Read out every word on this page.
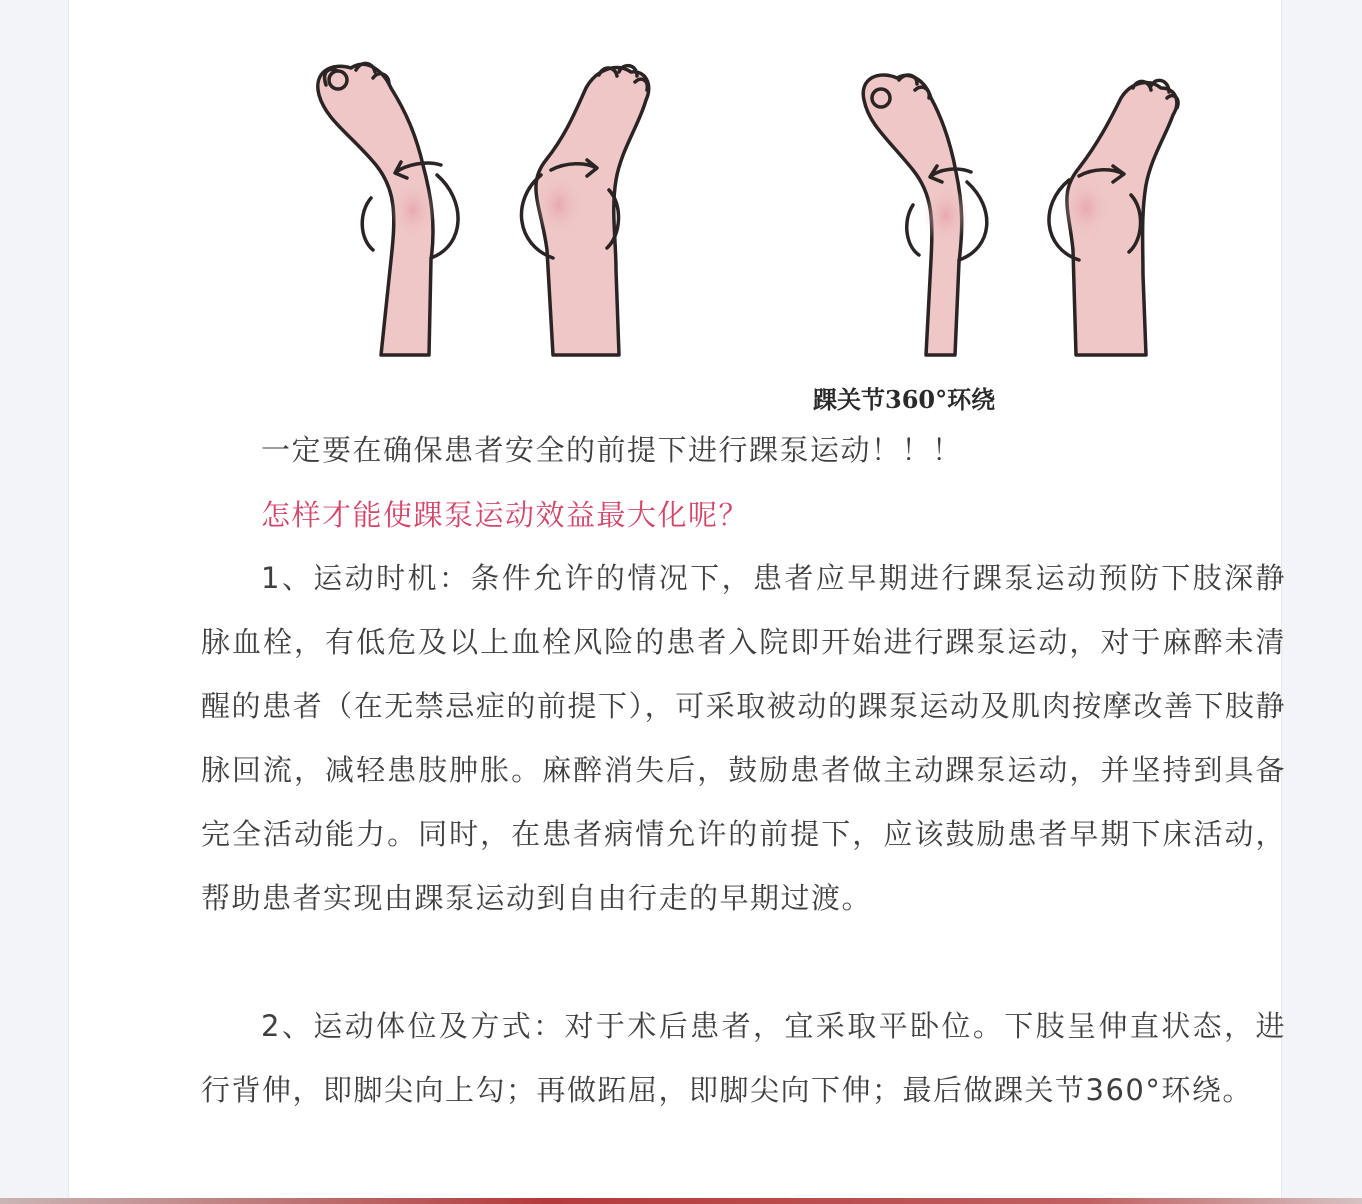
踝关节360°环绕
一定要在确保患者安全的前提下进行踝泵运动！！！
怎样才能使踝泵运动效益最大化呢？
1、运动时机：条件允许的情况下，患者应早期进行踝泵运动预防下肢深静脉血栓，有低危及以上血栓风险的患者入院即开始进行踝泵运动，对于麻醉未清醒的患者（在无禁忌症的前提下），可采取被动的踝泵运动及肌肉按摩改善下肢静脉回流，减轻患肢肿胀。麻醉消失后，鼓励患者做主动踝泵运动，并坚持到具备完全活动能力。同时，在患者病情允许的前提下，应该鼓励患者早期下床活动，帮助患者实现由踝泵运动到自由行走的早期过渡。
2、运动体位及方式：对于术后患者，宜采取平卧位。下肢呈伸直状态，进行背伸，即脚尖向上勾；再做跖屈，即脚尖向下伸；最后做踝关节360°环绕。
